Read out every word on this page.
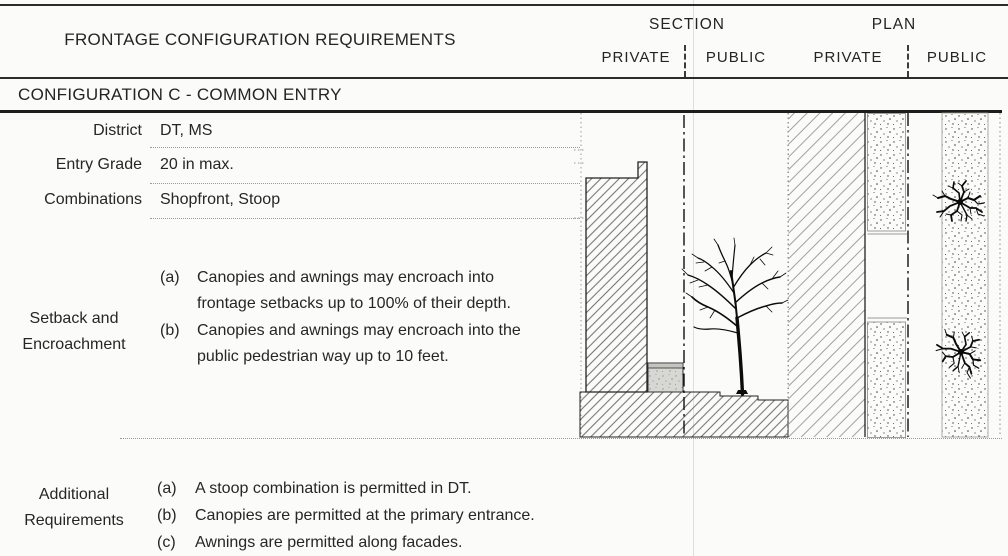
FRONTAGE CONFIGURATION REQUIREMENTS
SECTION	PLAN
PRIVATE	PUBLIC	PRIVATE	PUBLIC
CONFIGURATION C - COMMON ENTRY
District DT, MS
Entry Grade 20 in max.
Combinations Shopfront, Stoop
Setback and
Encroachment
(a)	Canopies and awnings may encroach into frontage setbacks up to 100% of their depth.
(b)	Canopies and awnings may encroach into the public pedestrian way up to 10 feet.
Additional
Requirements
(a)	A stoop combination is permitted in DT.
(b)	Canopies are permitted at the primary entrance.
(c)	Awnings are permitted along facades.
